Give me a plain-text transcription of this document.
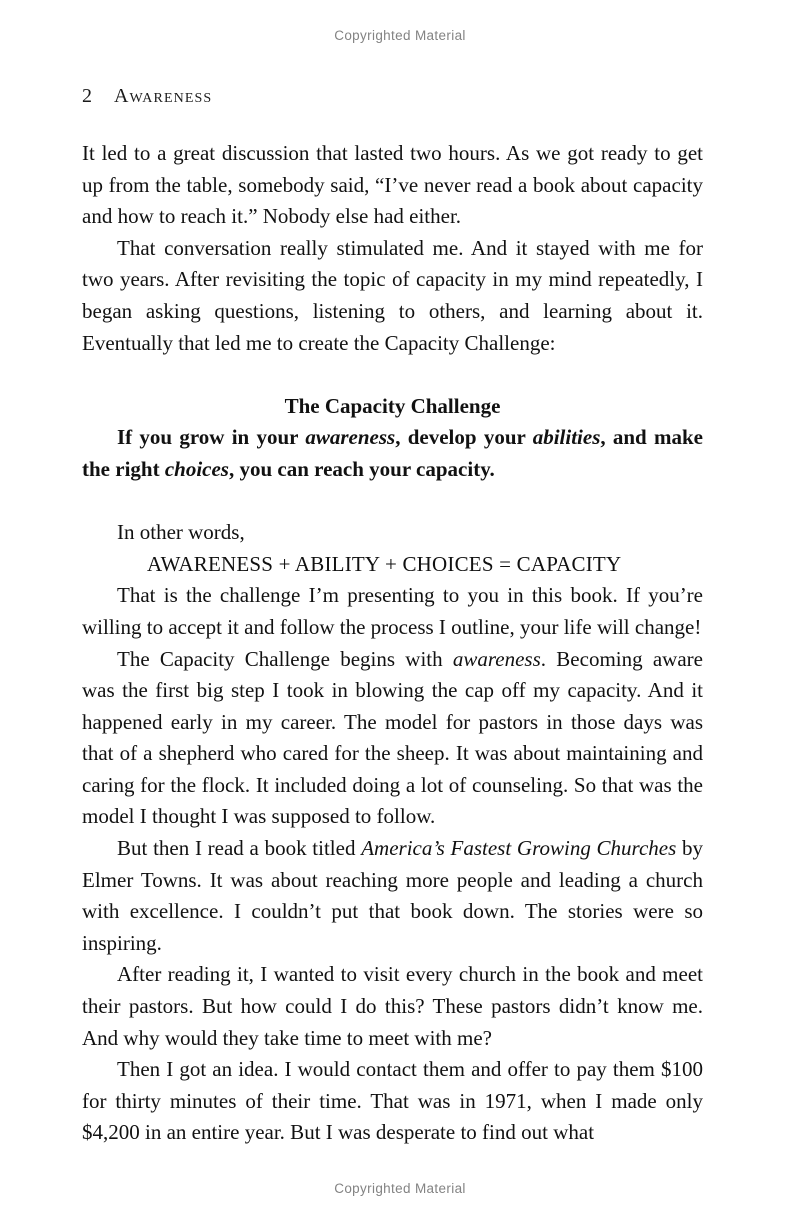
Copyrighted Material
2 Awareness

It led to a great discussion that lasted two hours. As we got ready to get up from the table, somebody said, “I’ve never read a book about capacity and how to reach it.” Nobody else had either.

That conversation really stimulated me. And it stayed with me for two years. After revisiting the topic of capacity in my mind repeatedly, I began asking questions, listening to others, and learning about it. Eventually that led me to create the Capacity Challenge:

The Capacity Challenge

If you grow in your awareness, develop your abilities, and make the right choices, you can reach your capacity.

In other words,

AWARENESS + ABILITY + CHOICES = CAPACITY

That is the challenge I’m presenting to you in this book. If you’re willing to accept it and follow the process I outline, your life will change!

The Capacity Challenge begins with awareness. Becoming aware was the first big step I took in blowing the cap off my capacity. And it happened early in my career. The model for pastors in those days was that of a shepherd who cared for the sheep. It was about maintaining and caring for the flock. It included doing a lot of counseling. So that was the model I thought I was supposed to follow.

But then I read a book titled America’s Fastest Growing Churches by Elmer Towns. It was about reaching more people and leading a church with excellence. I couldn’t put that book down. The stories were so inspiring.

After reading it, I wanted to visit every church in the book and meet their pastors. But how could I do this? These pastors didn’t know me. And why would they take time to meet with me?

Then I got an idea. I would contact them and offer to pay them $100 for thirty minutes of their time. That was in 1971, when I made only $4,200 in an entire year. But I was desperate to find out what

Copyrighted Material
